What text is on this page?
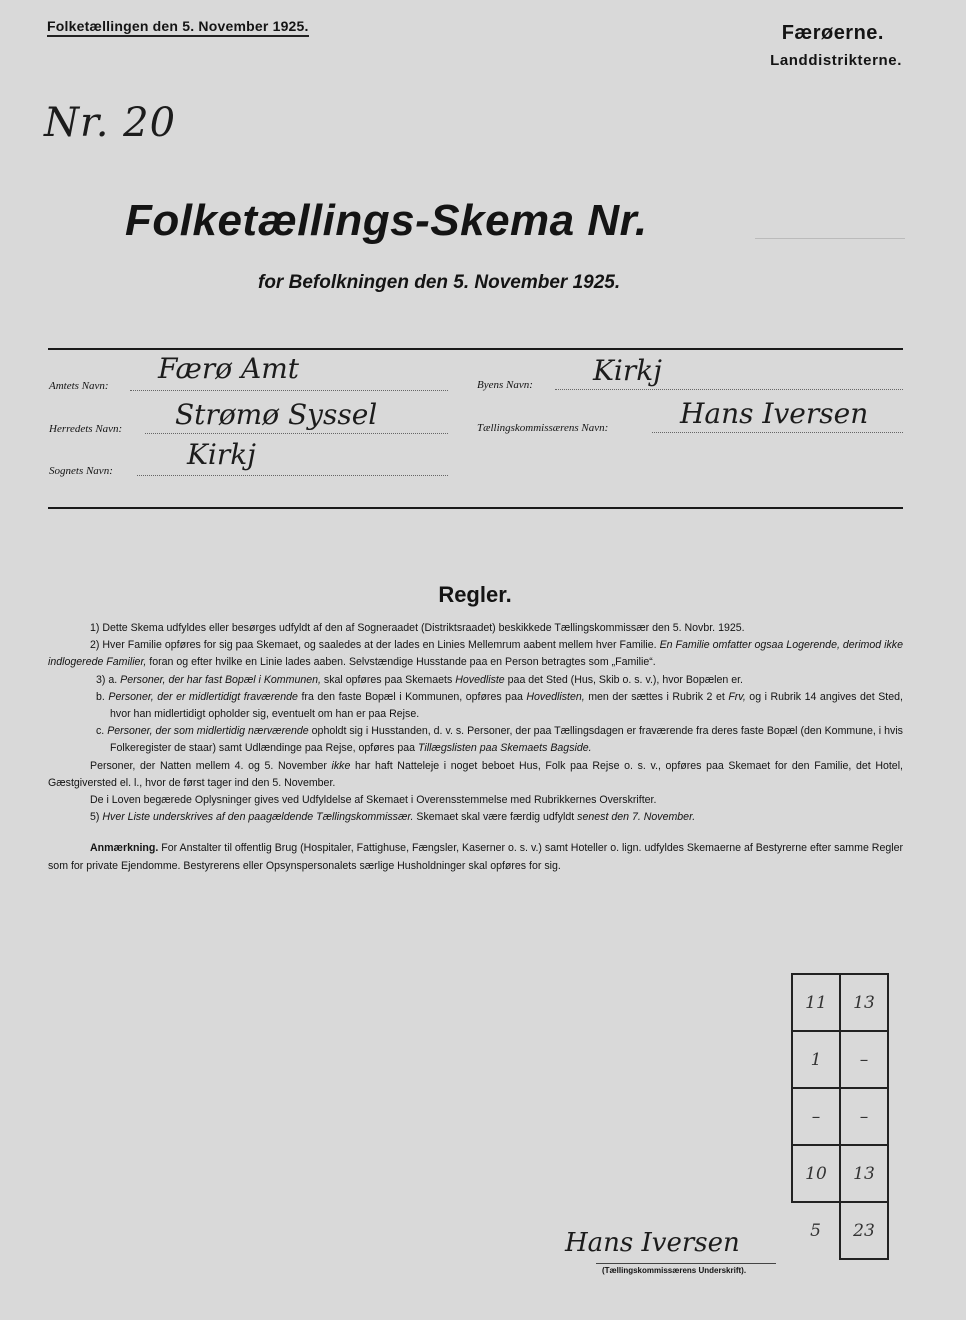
Folketællingen den 5. November 1925.	Færøerne.
Landdistrikterne.
Nr. 20
Folketællings-Skema Nr.
for Befolkningen den 5. November 1925.
Amtets Navn:
Færø Amt
Herredets Navn: Strømø Syssel
Sognets Navn:	Kirkj
Byens Navn: Kirkj
Tællingskommissærens Navn:	Hans Iversen
Regler.

1) Dette Skema udfyldes eller besørges udfyldt af den af Sogneraadet (Distriktsraadet) beskikkede Tællingskommissær den 5. Novbr. 1925.

2) Hver Familie opføres for sig paa Skemaet, og saaledes at der lades en Linies Mellemrum aabent mellem hver Familie. En Familie omfatter ogsaa Logerende, derimod ikke indlogerede Familier, foran og efter hvilke en Linie lades aaben. Selvstændige Husstande paa en Person betragtes som „Familie“.

3) a. Personer, der har fast Bopæl i Kommunen, skal opføres paa Skemaets Hovedliste paa det Sted (Hus, Skib o. s. v.), hvor Bopælen er.

b. Personer, der er midlertidigt fraværende fra den faste Bopæl i Kommunen, opføres paa Hovedlisten, men der sættes i Rubrik 2 et Frv, og i Rubrik 14 angives det Sted, hvor han midlertidigt opholder sig, eventuelt om han er paa Rejse.

c. Personer, der som midlertidig nærværende opholdt sig i Husstanden, d. v. s. Personer, der paa Tællingsdagen er fraværende fra deres faste Bopæl (den Kommune, i hvis Folkeregister de staar) samt Udlændinge paa Rejse, opføres paa Tillægslisten paa Skemaets Bagside.

Personer, der Natten mellem 4. og 5. November ikke har haft Natteleje i noget beboet Hus, Folk paa Rejse o. s. v., opføres paa Skemaet for den Familie, det Hotel, Gæstgiversted el. l., hvor de først tager ind den 5. November.

De i Loven begærede Oplysninger gives ved Udfyldelse af Skemaet i Overensstemmelse med Rubrikkernes Overskrifter.

5) Hver Liste underskrives af den paagældende Tællingskommissær. Skemaet skal være færdig udfyldt senest den 7. November.

Anmærkning. For Anstalter til offentlig Brug (Hospitaler, Fattighuse, Fængsler, Kaserner o. s. v.) samt Hoteller o. lign. udfyldes Skemaerne af Bestyrerne efter samme Regler som for private Ejendomme. Bestyrerens eller Opsynspersonalets særlige Husholdninger skal opføres for sig.

11	13
1	–
–	–
10	13
5	23
Hans Iversen
(Tællingskommissærens Underskrift).
